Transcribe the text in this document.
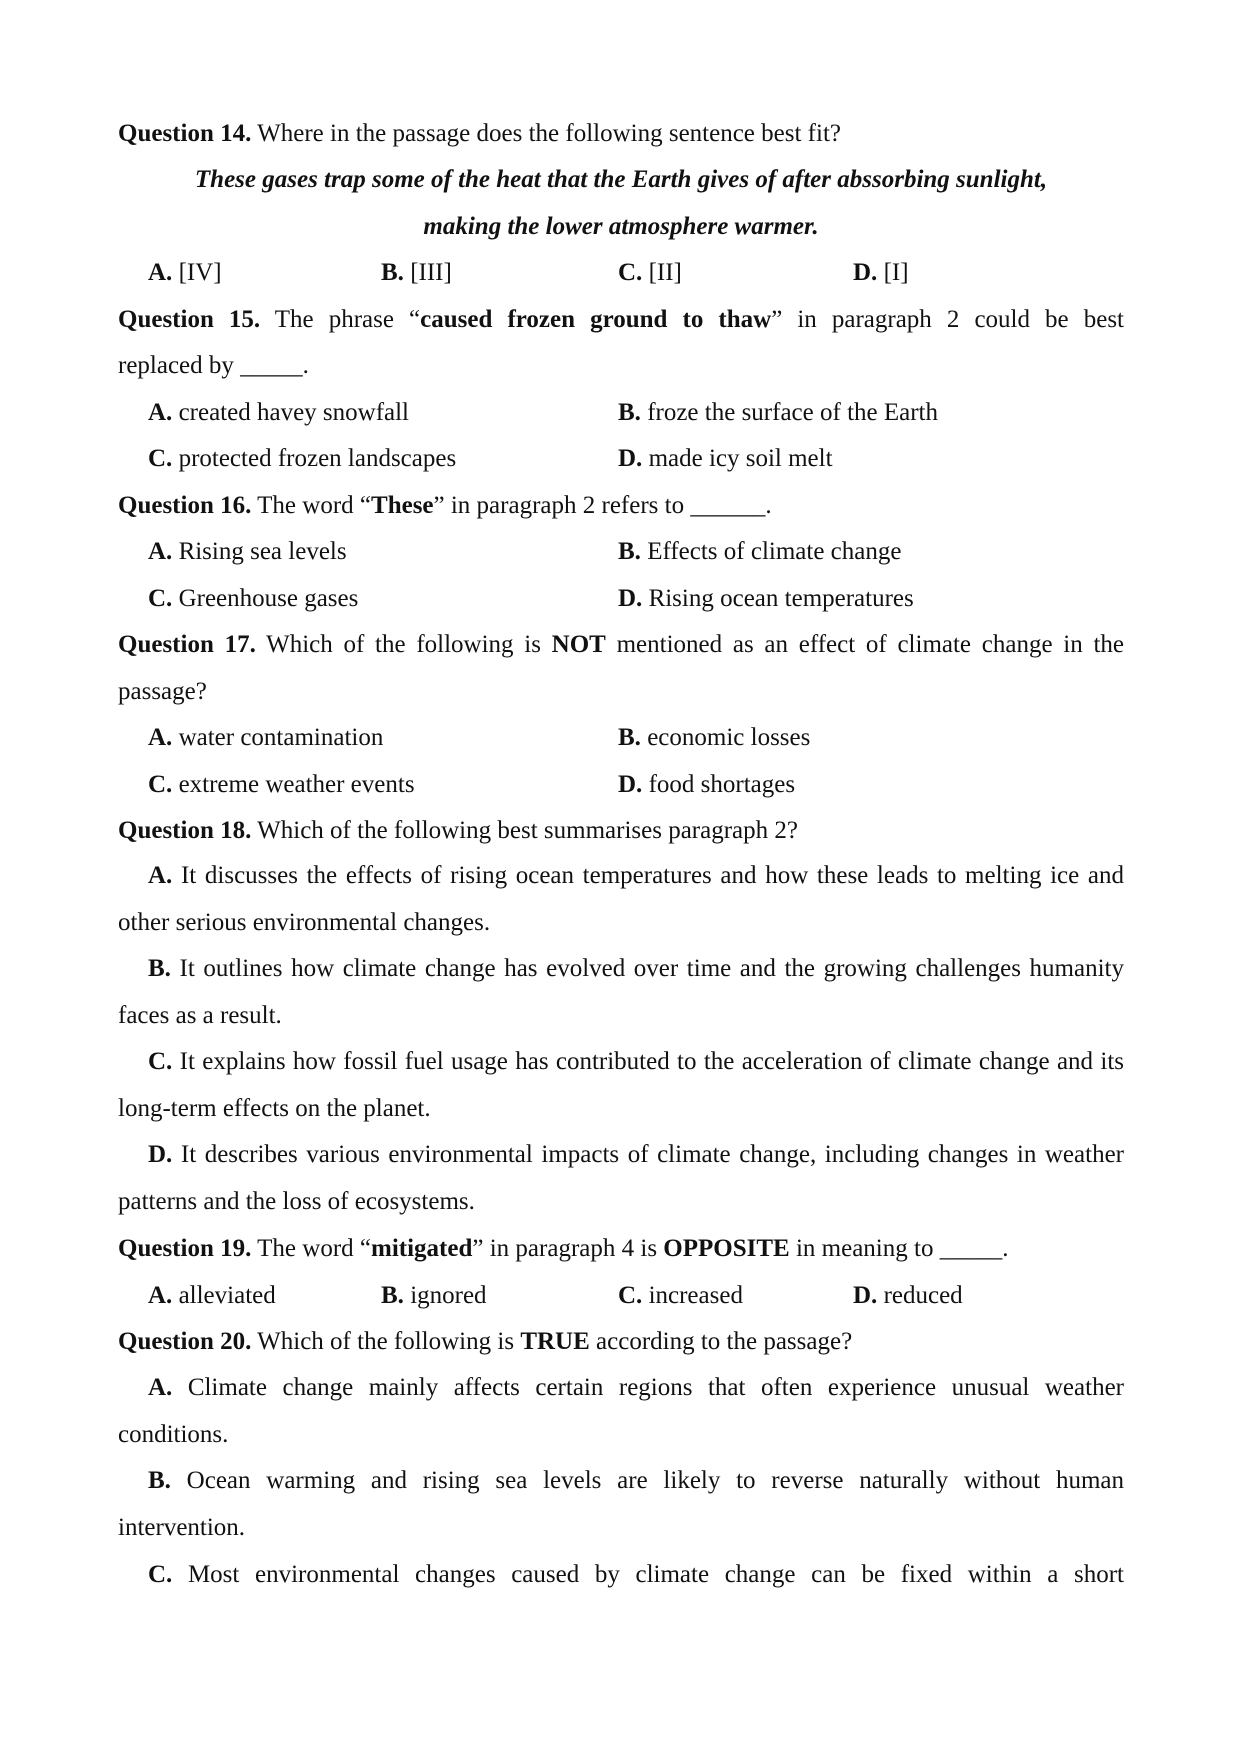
Question 14. Where in the passage does the following sentence best fit?
These gases trap some of the heat that the Earth gives of after abssorbing sunlight,
making the lower atmosphere warmer.
A. [IV]	B. [III]	C. [II]	D. [I]
Question 15. The phrase “caused frozen ground to thaw” in paragraph 2 could be best
replaced by _____.
A. created havey snowfall	B. froze the surface of the Earth
C. protected frozen landscapes	D. made icy soil melt
Question 16. The word “These” in paragraph 2 refers to ______.
A. Rising sea levels	B. Effects of climate change
C. Greenhouse gases	D. Rising ocean temperatures
Question 17. Which of the following is NOT mentioned as an effect of climate change in the
passage?
A. water contamination	B. economic losses
C. extreme weather events	D. food shortages
Question 18. Which of the following best summarises paragraph 2?
A. It discusses the effects of rising ocean temperatures and how these leads to melting ice and other serious environmental changes.
B. It outlines how climate change has evolved over time and the growing challenges humanity faces as a result.
C. It explains how fossil fuel usage has contributed to the acceleration of climate change and its long-term effects on the planet.
D. It describes various environmental impacts of climate change, including changes in weather patterns and the loss of ecosystems.
Question 19. The word “mitigated” in paragraph 4 is OPPOSITE in meaning to _____.
A. alleviated	B. ignored	C. increased	D. reduced
Question 20. Which of the following is TRUE according to the passage?
A. Climate change mainly affects certain regions that often experience unusual weather conditions.
B. Ocean warming and rising sea levels are likely to reverse naturally without human intervention.
C. Most environmental changes caused by climate change can be fixed within a short
